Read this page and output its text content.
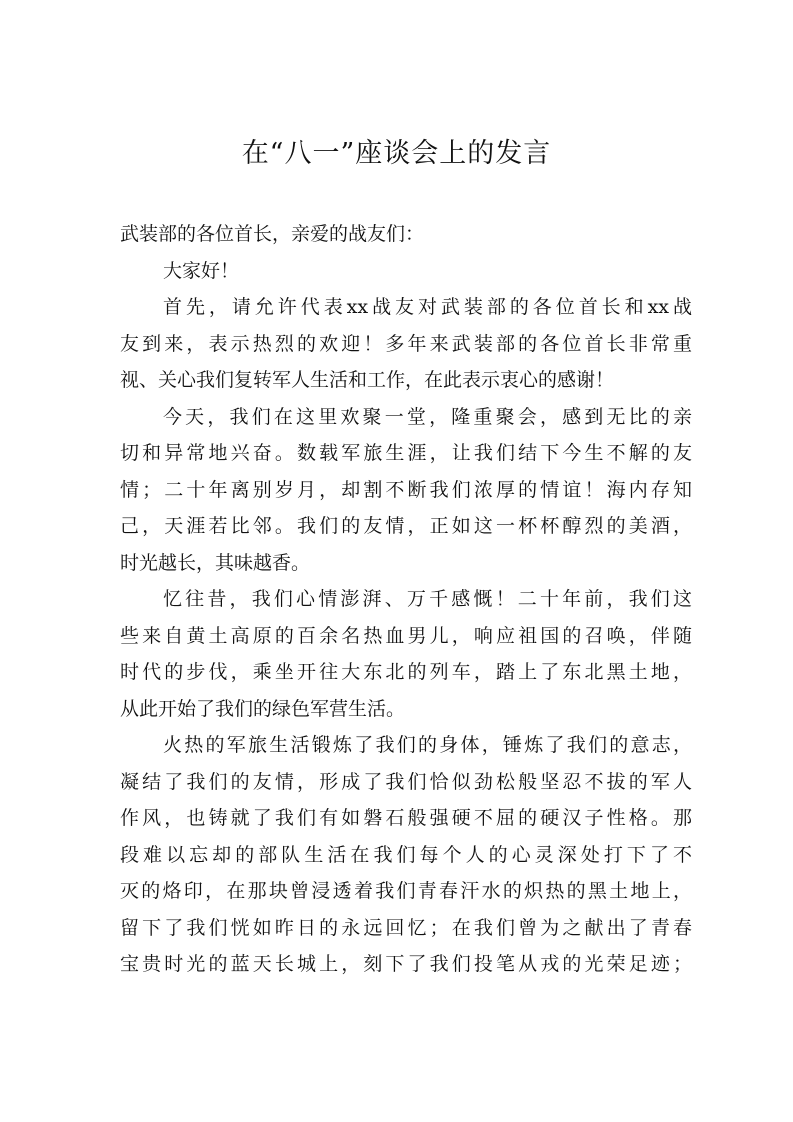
在“八一”座谈会上的发言
武装部的各位首长，亲爱的战友们：
大家好！
首先，请允许代表xx战友对武装部的各位首长和xx战
友到来，表示热烈的欢迎！多年来武装部的各位首长非常重
视、关心我们复转军人生活和工作，在此表示衷心的感谢！
今天，我们在这里欢聚一堂，隆重聚会，感到无比的亲
切和异常地兴奋。数载军旅生涯，让我们结下今生不解的友
情；二十年离别岁月，却割不断我们浓厚的情谊！海内存知
己，天涯若比邻。我们的友情，正如这一杯杯醇烈的美酒，
时光越长，其味越香。
忆往昔，我们心情澎湃、万千感慨！二十年前，我们这
些来自黄土高原的百余名热血男儿，响应祖国的召唤，伴随
时代的步伐，乘坐开往大东北的列车，踏上了东北黑土地，
从此开始了我们的绿色军营生活。
火热的军旅生活锻炼了我们的身体，锤炼了我们的意志，
凝结了我们的友情，形成了我们恰似劲松般坚忍不拔的军人
作风，也铸就了我们有如磐石般强硬不屈的硬汉子性格。那
段难以忘却的部队生活在我们每个人的心灵深处打下了不
灭的烙印，在那块曾浸透着我们青春汗水的炽热的黑土地上，
留下了我们恍如昨日的永远回忆；在我们曾为之献出了青春
宝贵时光的蓝天长城上，刻下了我们投笔从戎的光荣足迹；
